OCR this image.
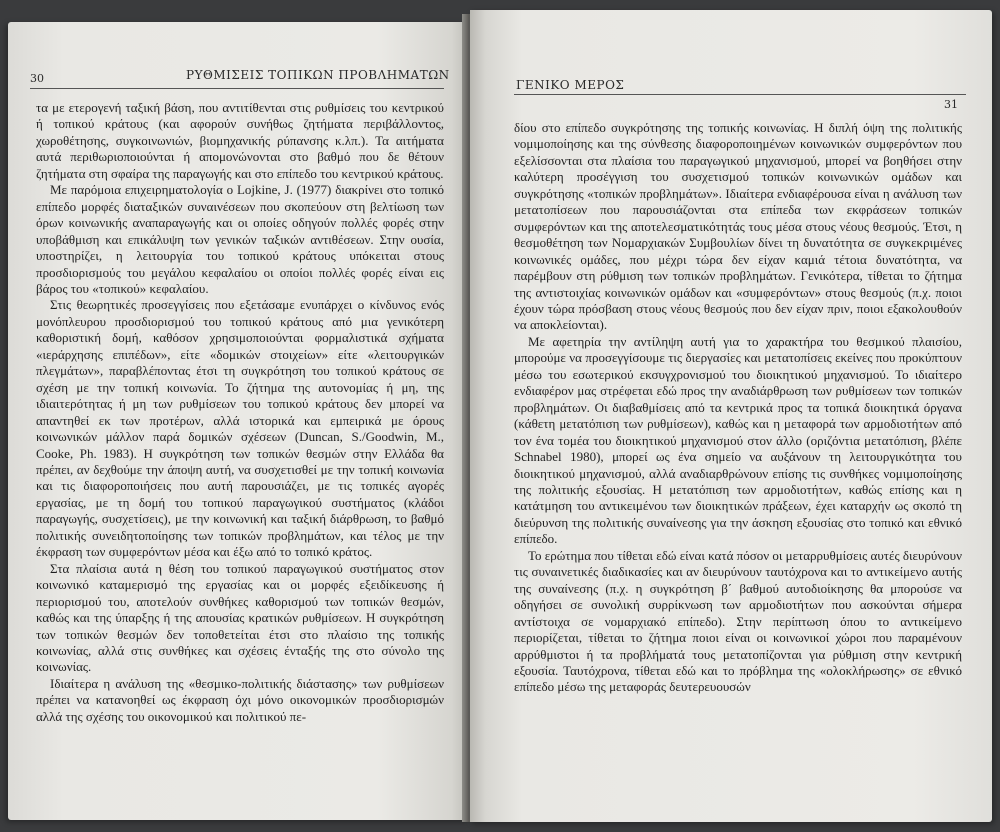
30	ΡΥΘΜΙΣΕΙΣ ΤΟΠΙΚΩΝ ΠΡΟΒΛΗΜΑΤΩΝ

τα με ετερογενή ταξική βάση, που αντιτίθενται στις ρυθμίσεις του κεντρικού ή τοπικού κράτους (και αφορούν συνήθως ζητήματα περιβάλλοντος, χωροθέτησης, συγκοινωνιών, βιομηχανικής ρύπανσης κ.λπ.). Τα αιτήματα αυτά περιθωριοποιούνται ή απομονώνονται στο βαθμό που δε θέτουν ζητήματα στη σφαίρα της παραγωγής και στο επίπεδο του κεντρικού κράτους.

Με παρόμοια επιχειρηματολογία ο Lojkine, J. (1977) διακρίνει στο τοπικό επίπεδο μορφές διαταξικών συναινέσεων που σκοπεύουν στη βελτίωση των όρων κοινωνικής αναπαραγωγής και οι οποίες οδηγούν πολλές φορές στην υποβάθμιση και επικάλυψη των γενικών ταξικών αντιθέσεων. Στην ουσία, υποστηρίζει, η λειτουργία του τοπικού κράτους υπόκειται στους προσδιορισμούς του μεγάλου κεφαλαίου οι οποίοι πολλές φορές είναι εις βάρος του «τοπικού» κεφαλαίου.

Στις θεωρητικές προσεγγίσεις που εξετάσαμε ενυπάρχει ο κίνδυνος ενός μονόπλευρου προσδιορισμού του τοπικού κράτους από μια γενικότερη καθοριστική δομή, καθόσον χρησιμοποιούνται φορμαλιστικά σχήματα «ιεράρχησης επιπέδων», είτε «δομικών στοιχείων» είτε «λειτουργικών πλεγμάτων», παραβλέποντας έτσι τη συγκρότηση του τοπικού κράτους σε σχέση με την τοπική κοινωνία. Το ζήτημα της αυτονομίας ή μη, της ιδιαιτερότητας ή μη των ρυθμίσεων του τοπικού κράτους δεν μπορεί να απαντηθεί εκ των προτέρων, αλλά ιστορικά και εμπειρικά με όρους κοινωνικών μάλλον παρά δομικών σχέσεων (Duncan, S./Goodwin, M., Cooke, Ph. 1983). Η συγκρότηση των τοπικών θεσμών στην Ελλάδα θα πρέπει, αν δεχθούμε την άποψη αυτή, να συσχετισθεί με την τοπική κοινωνία και τις διαφοροποιήσεις που αυτή παρουσιάζει, με τις τοπικές αγορές εργασίας, με τη δομή του τοπικού παραγωγικού συστήματος (κλάδοι παραγωγής, συσχετίσεις), με την κοινωνική και ταξική διάρθρωση, το βαθμό πολιτικής συνειδητοποίησης των τοπικών προβλημάτων, και τέλος με την έκφραση των συμφερόντων μέσα και έξω από το τοπικό κράτος.

Στα πλαίσια αυτά η θέση του τοπικού παραγωγικού συστήματος στον κοινωνικό καταμερισμό της εργασίας και οι μορφές εξειδίκευσης ή περιορισμού του, αποτελούν συνθήκες καθορισμού των τοπικών θεσμών, καθώς και της ύπαρξης ή της απουσίας κρατικών ρυθμίσεων. Η συγκρότηση των τοπικών θεσμών δεν τοποθετείται έτσι στο πλαίσιο της τοπικής κοινωνίας, αλλά στις συνθήκες και σχέσεις ένταξής της στο σύνολο της κοινωνίας.

Ιδιαίτερα η ανάλυση της «θεσμικο-πολιτικής διάστασης» των ρυθμίσεων πρέπει να κατανοηθεί ως έκφραση όχι μόνο οικονομικών προσδιορισμών αλλά της σχέσης του οικονομικού και πολιτικού πε-

ΓΕΝΙΚΟ ΜΕΡΟΣ
31

δίου στο επίπεδο συγκρότησης της τοπικής κοινωνίας. Η διπλή όψη της πολιτικής νομιμοποίησης και της σύνθεσης διαφοροποιημένων κοινωνικών συμφερόντων που εξελίσσονται στα πλαίσια του παραγωγικού μηχανισμού, μπορεί να βοηθήσει στην καλύτερη προσέγγιση του συσχετισμού τοπικών κοινωνικών ομάδων και συγκρότησης «τοπικών προβλημάτων». Ιδιαίτερα ενδιαφέρουσα είναι η ανάλυση των μετατοπίσεων που παρουσιάζονται στα επίπεδα των εκφράσεων τοπικών συμφερόντων και της αποτελεσματικότητάς τους μέσα στους νέους θεσμούς. Έτσι, η θεσμοθέτηση των Νομαρχιακών Συμβουλίων δίνει τη δυνατότητα σε συγκεκριμένες κοινωνικές ομάδες, που μέχρι τώρα δεν είχαν καμιά τέτοια δυνατότητα, να παρέμβουν στη ρύθμιση των τοπικών προβλημάτων. Γενικότερα, τίθεται το ζήτημα της αντιστοιχίας κοινωνικών ομάδων και «συμφερόντων» στους θεσμούς (π.χ. ποιοι έχουν τώρα πρόσβαση στους νέους θεσμούς που δεν είχαν πριν, ποιοι εξακολουθούν να αποκλείονται).

Με αφετηρία την αντίληψη αυτή για το χαρακτήρα του θεσμικού πλαισίου, μπορούμε να προσεγγίσουμε τις διεργασίες και μετατοπίσεις εκείνες που προκύπτουν μέσω του εσωτερικού εκσυγχρονισμού του διοικητικού μηχανισμού. Το ιδιαίτερο ενδιαφέρον μας στρέφεται εδώ προς την αναδιάρθρωση των ρυθμίσεων των τοπικών προβλημάτων. Οι διαβαθμίσεις από τα κεντρικά προς τα τοπικά διοικητικά όργανα (κάθετη μετατόπιση των ρυθμίσεων), καθώς και η μεταφορά των αρμοδιοτήτων από τον ένα τομέα του διοικητικού μηχανισμού στον άλλο (οριζόντια μετατόπιση, βλέπε Schnabel 1980), μπορεί ως ένα σημείο να αυξάνουν τη λειτουργικότητα του διοικητικού μηχανισμού, αλλά αναδιαρθρώνουν επίσης τις συνθήκες νομιμοποίησης της πολιτικής εξουσίας. Η μετατόπιση των αρμοδιοτήτων, καθώς επίσης και η κατάτμηση του αντικειμένου των διοικητικών πράξεων, έχει καταρχήν ως σκοπό τη διεύρυνση της πολιτικής συναίνεσης για την άσκηση εξουσίας στο τοπικό και εθνικό επίπεδο.

Το ερώτημα που τίθεται εδώ είναι κατά πόσον οι μεταρρυθμίσεις αυτές διευρύνουν τις συναινετικές διαδικασίες και αν διευρύνουν ταυτόχρονα και το αντικείμενο αυτής της συναίνεσης (π.χ. η συγκρότηση β΄ βαθμού αυτοδιοίκησης θα μπορούσε να οδηγήσει σε συνολική συρρίκνωση των αρμοδιοτήτων που ασκούνται σήμερα αντίστοιχα σε νομαρχιακό επίπεδο). Στην περίπτωση όπου το αντικείμενο περιορίζεται, τίθεται το ζήτημα ποιοι είναι οι κοινωνικοί χώροι που παραμένουν αρρύθμιστοι ή τα προβλήματά τους μετατοπίζονται για ρύθμιση στην κεντρική εξουσία. Ταυτόχρονα, τίθεται εδώ και το πρόβλημα της «ολοκλήρωσης» σε εθνικό επίπεδο μέσω της μεταφοράς δευτερευουσών
